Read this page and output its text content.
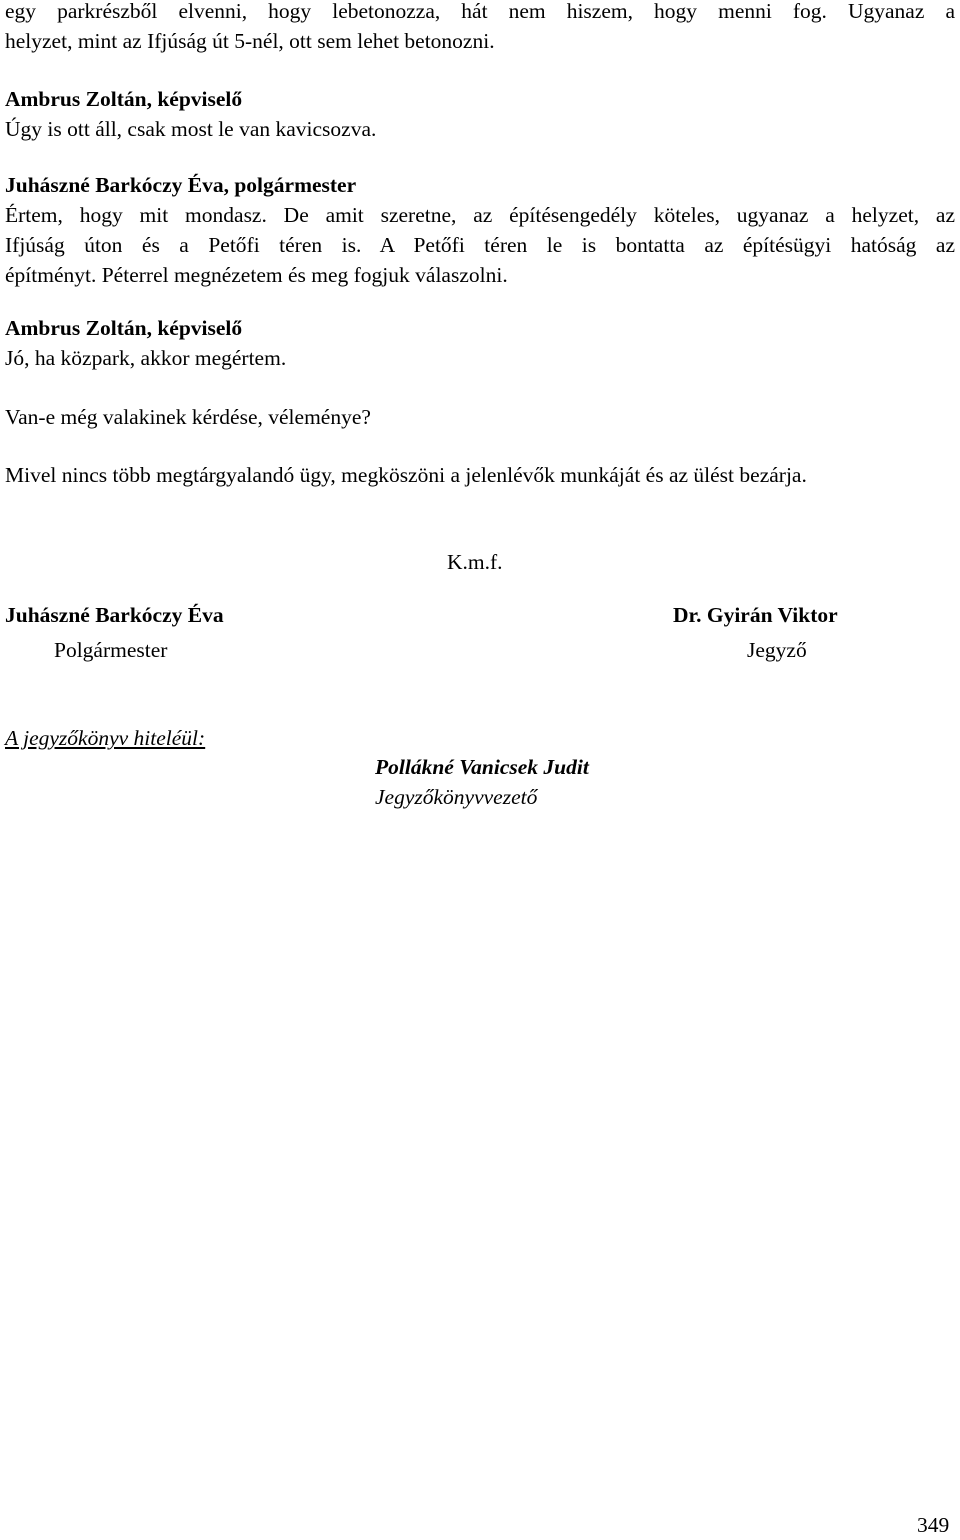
egy parkrészből elvenni, hogy lebetonozza, hát nem hiszem, hogy menni fog. Ugyanaz a
helyzet, mint az Ifjúság út 5-nél, ott sem lehet betonozni.
Ambrus Zoltán, képviselő
Úgy is ott áll, csak most le van kavicsozva.
Juhászné Barkóczy Éva, polgármester
Értem, hogy mit mondasz. De amit szeretne, az építésengedély köteles, ugyanaz a helyzet, az
Ifjúság úton és a Petőfi téren is. A Petőfi téren le is bontatta az építésügyi hatóság az
építményt. Péterrel megnézetem és meg fogjuk válaszolni.
Ambrus Zoltán, képviselő
Jó, ha közpark, akkor megértem.
Van-e még valakinek kérdése, véleménye?
Mivel nincs több megtárgyalandó ügy, megköszöni a jelenlévők munkáját és az ülést bezárja.
K.m.f.
Juhászné Barkóczy Éva
Polgármester
Dr. Gyirán Viktor
Jegyző
A jegyzőkönyv hiteléül:
Pollákné Vanicsek Judit
Jegyzőkönyvvezető
349
